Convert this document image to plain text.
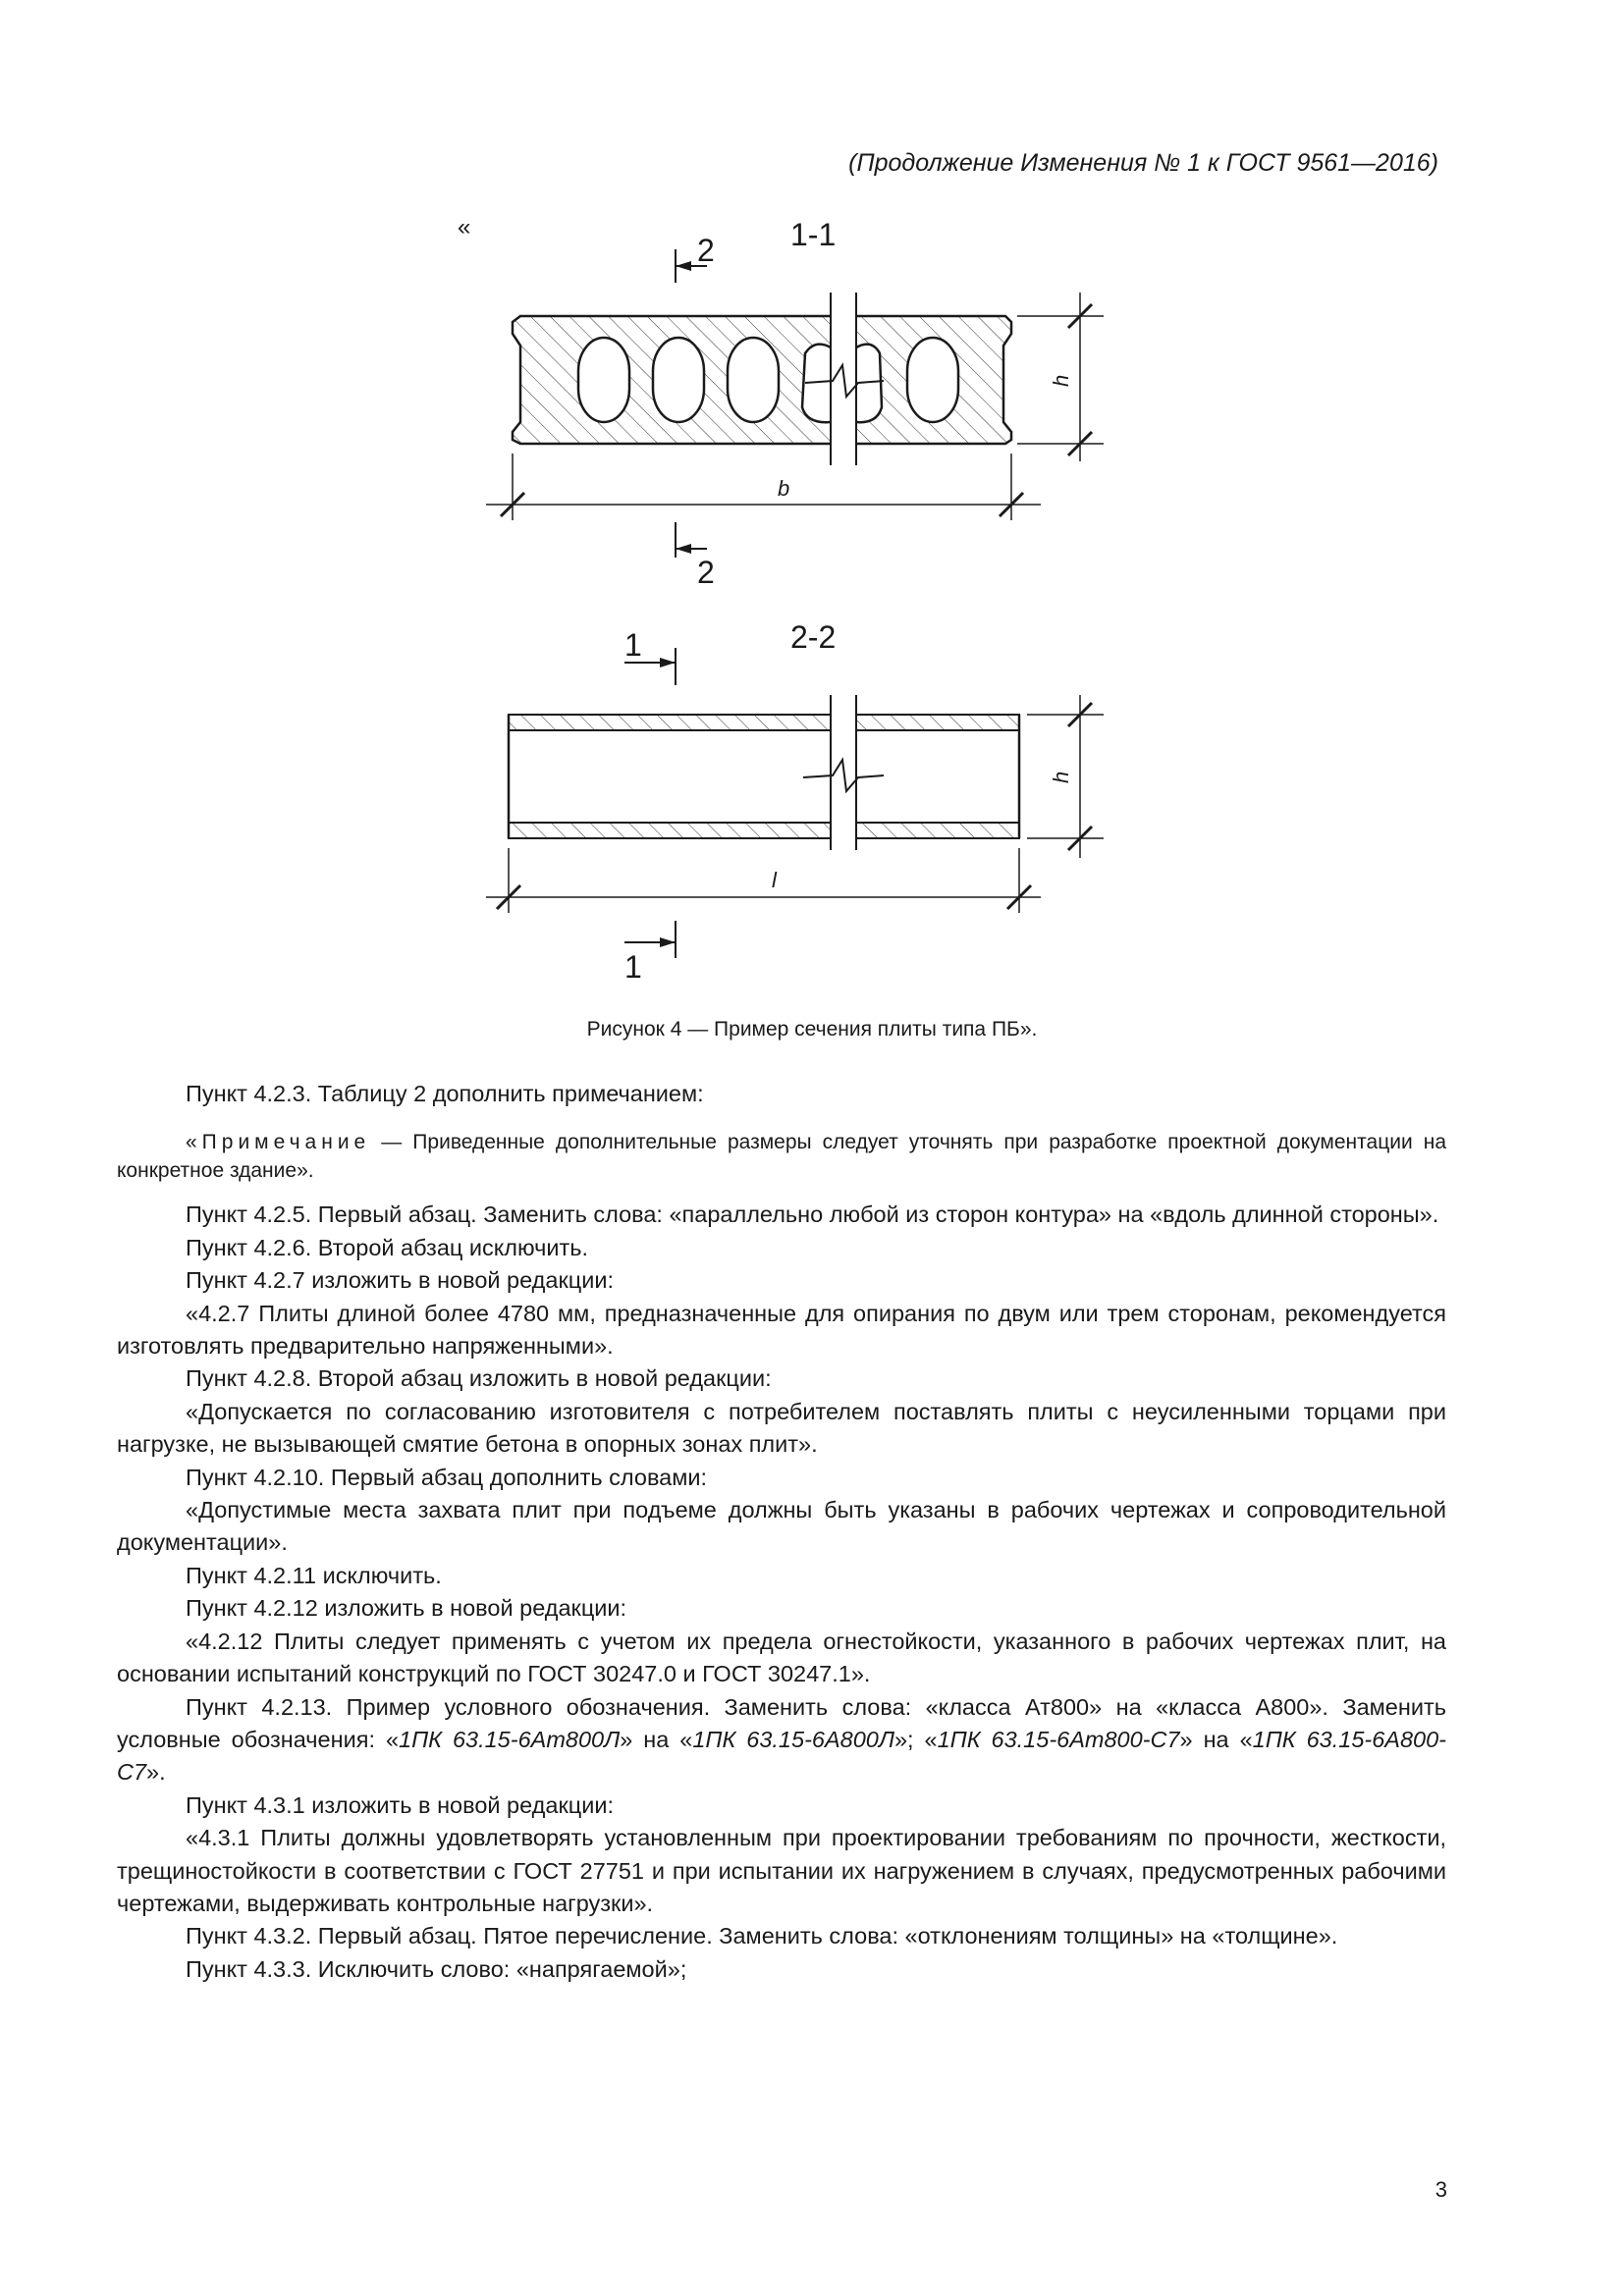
(Продолжение Изменения № 1 к ГОСТ 9561—2016)
«
2
2
1-1
h
b
2-2
1
1
h
l
Рисунок 4 — Пример сечения плиты типа ПБ».

Пункт 4.2.3. Таблицу 2 дополнить примечанием:

«Примечание — Приведенные дополнительные размеры следует уточнять при разработке проектной документации на конкретное здание».

Пункт 4.2.5. Первый абзац. Заменить слова: «параллельно любой из сторон контура» на «вдоль длинной стороны».

Пункт 4.2.6. Второй абзац исключить.

Пункт 4.2.7 изложить в новой редакции:

«4.2.7 Плиты длиной более 4780 мм, предназначенные для опирания по двум или трем сторонам, рекомендуется изготовлять предварительно напряженными».

Пункт 4.2.8. Второй абзац изложить в новой редакции:

«Допускается по согласованию изготовителя с потребителем поставлять плиты с неусиленными торцами при нагрузке, не вызывающей смятие бетона в опорных зонах плит».

Пункт 4.2.10. Первый абзац дополнить словами:

«Допустимые места захвата плит при подъеме должны быть указаны в рабочих чертежах и сопроводительной документации».

Пункт 4.2.11 исключить.

Пункт 4.2.12 изложить в новой редакции:

«4.2.12 Плиты следует применять с учетом их предела огнестойкости, указанного в рабочих чертежах плит, на основании испытаний конструкций по ГОСТ 30247.0 и ГОСТ 30247.1».

Пункт 4.2.13. Пример условного обозначения. Заменить слова: «класса Ат800» на «класса А800». Заменить условные обозначения: «1ПК 63.15-6Ат800Л» на «1ПК 63.15-6А800Л»; «1ПК 63.15-6Ат800-С7» на «1ПК 63.15-6А800-С7».

Пункт 4.3.1 изложить в новой редакции:

«4.3.1 Плиты должны удовлетворять установленным при проектировании требованиям по прочности, жесткости, трещиностойкости в соответствии с ГОСТ 27751 и при испытании их нагружением в случаях, предусмотренных рабочими чертежами, выдерживать контрольные нагрузки».

Пункт 4.3.2. Первый абзац. Пятое перечисление. Заменить слова: «отклонениям толщины» на «толщине».

Пункт 4.3.3. Исключить слово: «напрягаемой»;

3
